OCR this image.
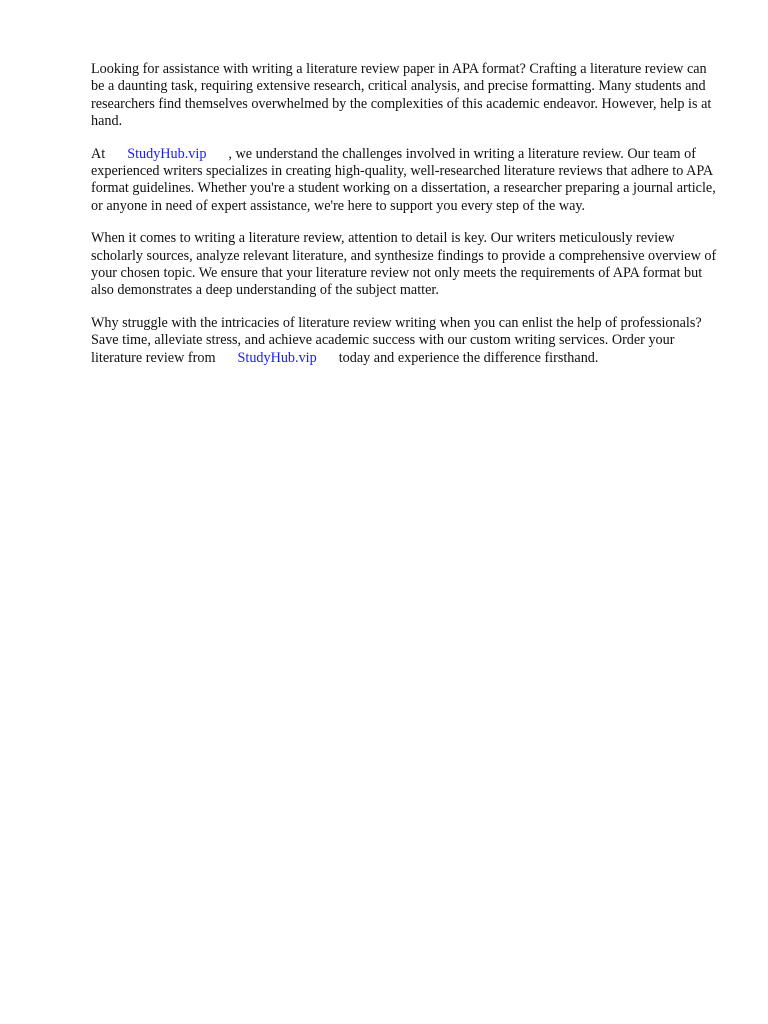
Looking for assistance with writing a literature review paper in APA format? Crafting a literature review can be a daunting task, requiring extensive research, critical analysis, and precise formatting. Many students and researchers find themselves overwhelmed by the complexities of this academic endeavor. However, help is at hand.

At StudyHub.vip , we understand the challenges involved in writing a literature review. Our team of experienced writers specializes in creating high-quality, well-researched literature reviews that adhere to APA format guidelines. Whether you're a student working on a dissertation, a researcher preparing a journal article, or anyone in need of expert assistance, we're here to support you every step of the way.

When it comes to writing a literature review, attention to detail is key. Our writers meticulously review scholarly sources, analyze relevant literature, and synthesize findings to provide a comprehensive overview of your chosen topic. We ensure that your literature review not only meets the requirements of APA format but also demonstrates a deep understanding of the subject matter.

Why struggle with the intricacies of literature review writing when you can enlist the help of professionals? Save time, alleviate stress, and achieve academic success with our custom writing services. Order your literature review from StudyHub.vip today and experience the difference firsthand.
